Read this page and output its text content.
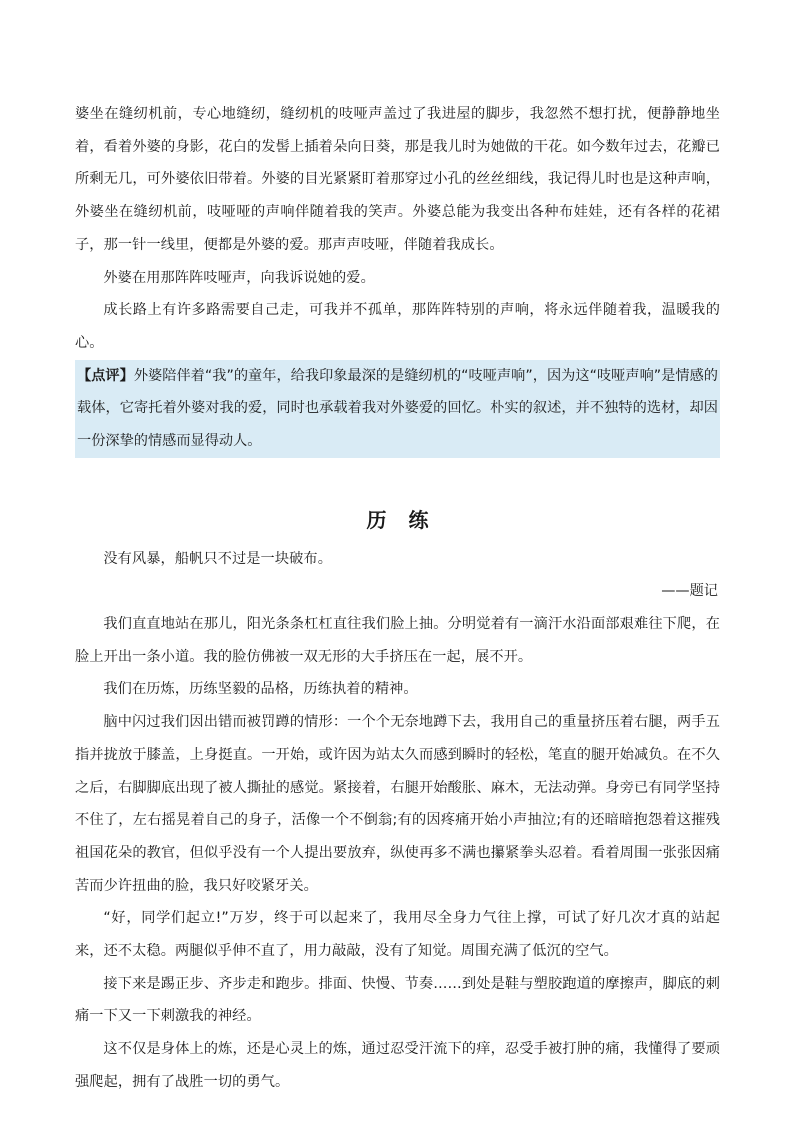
婆坐在缝纫机前，专心地缝纫，缝纫机的吱哑声盖过了我进屋的脚步，我忽然不想打扰，便静静地坐着，看着外婆的身影，花白的发髻上插着朵向日葵，那是我儿时为她做的干花。如今数年过去，花瓣已所剩无几，可外婆依旧带着。外婆的目光紧紧盯着那穿过小孔的丝丝细线，我记得儿时也是这种声响，外婆坐在缝纫机前，吱哑哑的声响伴随着我的笑声。外婆总能为我变出各种布娃娃，还有各样的花裙子，那一针一线里，便都是外婆的爱。那声声吱哑，伴随着我成长。

外婆在用那阵阵吱哑声，向我诉说她的爱。

成长路上有许多路需要自己走，可我并不孤单，那阵阵特别的声响，将永远伴随着我，温暖我的心。

【点评】外婆陪伴着“我”的童年，给我印象最深的是缝纫机的“吱哑声响”，因为这“吱哑声响”是情感的载体，它寄托着外婆对我的爱，同时也承载着我对外婆爱的回忆。朴实的叙述，并不独特的选材，却因一份深挚的情感而显得动人。
历练

没有风暴，船帆只不过是一块破布。

——题记

我们直直地站在那儿，阳光条条杠杠直往我们脸上抽。分明觉着有一滴汗水沿面部艰难往下爬，在脸上开出一条小道。我的脸仿佛被一双无形的大手挤压在一起，展不开。

我们在历炼，历练坚毅的品格，历练执着的精神。

脑中闪过我们因出错而被罚蹲的情形：一个个无奈地蹲下去，我用自己的重量挤压着右腿，两手五指并拢放于膝盖，上身挺直。一开始，或许因为站太久而感到瞬时的轻松，笔直的腿开始减负。在不久之后，右脚脚底出现了被人撕扯的感觉。紧接着，右腿开始酸胀、麻木，无法动弹。身旁已有同学坚持不住了，左右摇晃着自己的身子，活像一个不倒翁;有的因疼痛开始小声抽泣;有的还暗暗抱怨着这摧残祖国花朵的教官，但似乎没有一个人提出要放弃，纵使再多不满也攥紧拳头忍着。看着周围一张张因痛苦而少许扭曲的脸，我只好咬紧牙关。

“好，同学们起立!”万岁，终于可以起来了，我用尽全身力气往上撑，可试了好几次才真的站起来，还不太稳。两腿似乎伸不直了，用力敲敲，没有了知觉。周围充满了低沉的空气。

接下来是踢正步、齐步走和跑步。排面、快慢、节奏……到处是鞋与塑胶跑道的摩擦声，脚底的刺痛一下又一下刺激我的神经。

这不仅是身体上的炼，还是心灵上的炼，通过忍受汗流下的痒，忍受手被打肿的痛，我懂得了要顽强爬起，拥有了战胜一切的勇气。
